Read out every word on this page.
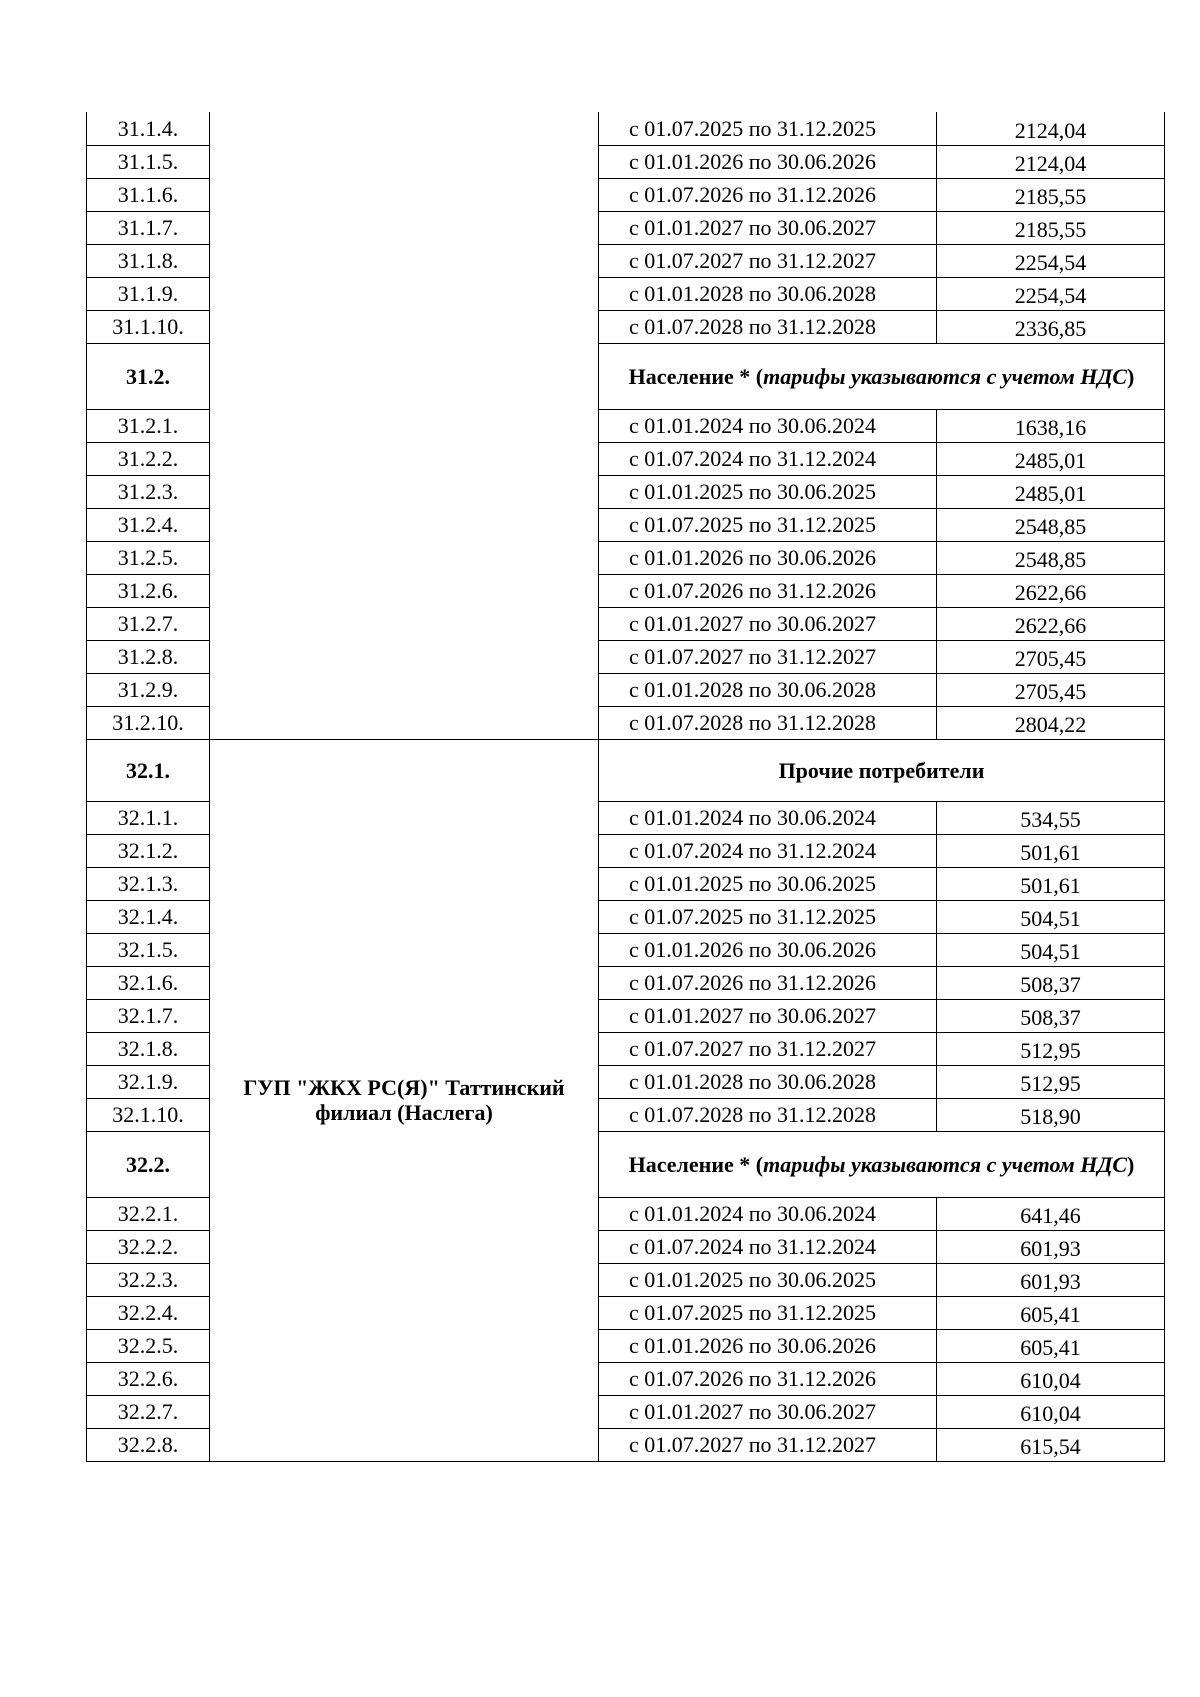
31.1.4.		с 01.07.2025 по 31.12.2025	2124,04
31.1.5.		с 01.01.2026 по 30.06.2026	2124,04
31.1.6.		с 01.07.2026 по 31.12.2026	2185,55
31.1.7.		с 01.01.2027 по 30.06.2027	2185,55
31.1.8.		с 01.07.2027 по 31.12.2027	2254,54
31.1.9.		с 01.01.2028 по 30.06.2028	2254,54
31.1.10.		с 01.07.2028 по 31.12.2028	2336,85
31.2.		Население * (тарифы указываются с учетом НДС)	
31.2.1.		с 01.01.2024 по 30.06.2024	1638,16
31.2.2.		с 01.07.2024 по 31.12.2024	2485,01
31.2.3.		с 01.01.2025 по 30.06.2025	2485,01
31.2.4.		с 01.07.2025 по 31.12.2025	2548,85
31.2.5.		с 01.01.2026 по 30.06.2026	2548,85
31.2.6.		с 01.07.2026 по 31.12.2026	2622,66
31.2.7.		с 01.01.2027 по 30.06.2027	2622,66
31.2.8.		с 01.07.2027 по 31.12.2027	2705,45
31.2.9.		с 01.01.2028 по 30.06.2028	2705,45
31.2.10.		с 01.07.2028 по 31.12.2028	2804,22
32.1.	ГУП "ЖКХ РС(Я)" Таттинский филиал (Наслега)	Прочие потребители	
32.1.1.		с 01.01.2024 по 30.06.2024	534,55
32.1.2.		с 01.07.2024 по 31.12.2024	501,61
32.1.3.		с 01.01.2025 по 30.06.2025	501,61
32.1.4.		с 01.07.2025 по 31.12.2025	504,51
32.1.5.		с 01.01.2026 по 30.06.2026	504,51
32.1.6.		с 01.07.2026 по 31.12.2026	508,37
32.1.7.		с 01.01.2027 по 30.06.2027	508,37
32.1.8.		с 01.07.2027 по 31.12.2027	512,95
32.1.9.		с 01.01.2028 по 30.06.2028	512,95
32.1.10.		с 01.07.2028 по 31.12.2028	518,90
32.2.		Население * (тарифы указываются с учетом НДС)	
32.2.1.		с 01.01.2024 по 30.06.2024	641,46
32.2.2.		с 01.07.2024 по 31.12.2024	601,93
32.2.3.		с 01.01.2025 по 30.06.2025	601,93
32.2.4.		с 01.07.2025 по 31.12.2025	605,41
32.2.5.		с 01.01.2026 по 30.06.2026	605,41
32.2.6.		с 01.07.2026 по 31.12.2026	610,04
32.2.7.		с 01.01.2027 по 30.06.2027	610,04
32.2.8.		с 01.07.2027 по 31.12.2027	615,54
